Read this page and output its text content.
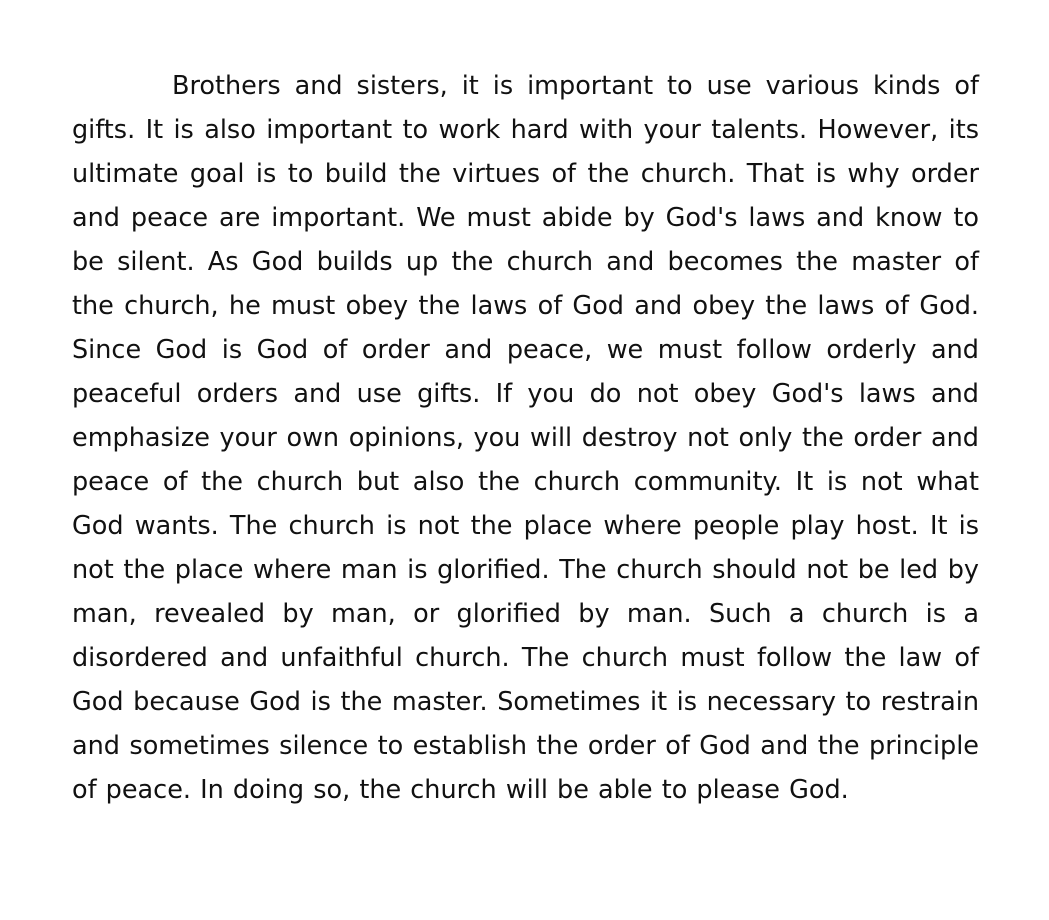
Brothers and sisters, it is important to use various kinds of gifts. It is also important to work hard with your talents. However, its ultimate goal is to build the virtues of the church. That is why order and peace are important. We must abide by God's laws and know to be silent. As God builds up the church and becomes the master of the church, he must obey the laws of God and obey the laws of God. Since God is God of order and peace, we must follow orderly and peaceful orders and use gifts. If you do not obey God's laws and emphasize your own opinions, you will destroy not only the order and peace of the church but also the church community. It is not what God wants. The church is not the place where people play host. It is not the place where man is glorified. The church should not be led by man, revealed by man, or glorified by man. Such a church is a disordered and unfaithful church. The church must follow the law of God because God is the master. Sometimes it is necessary to restrain and sometimes silence to establish the order of God and the principle of peace. In doing so, the church will be able to please God.
